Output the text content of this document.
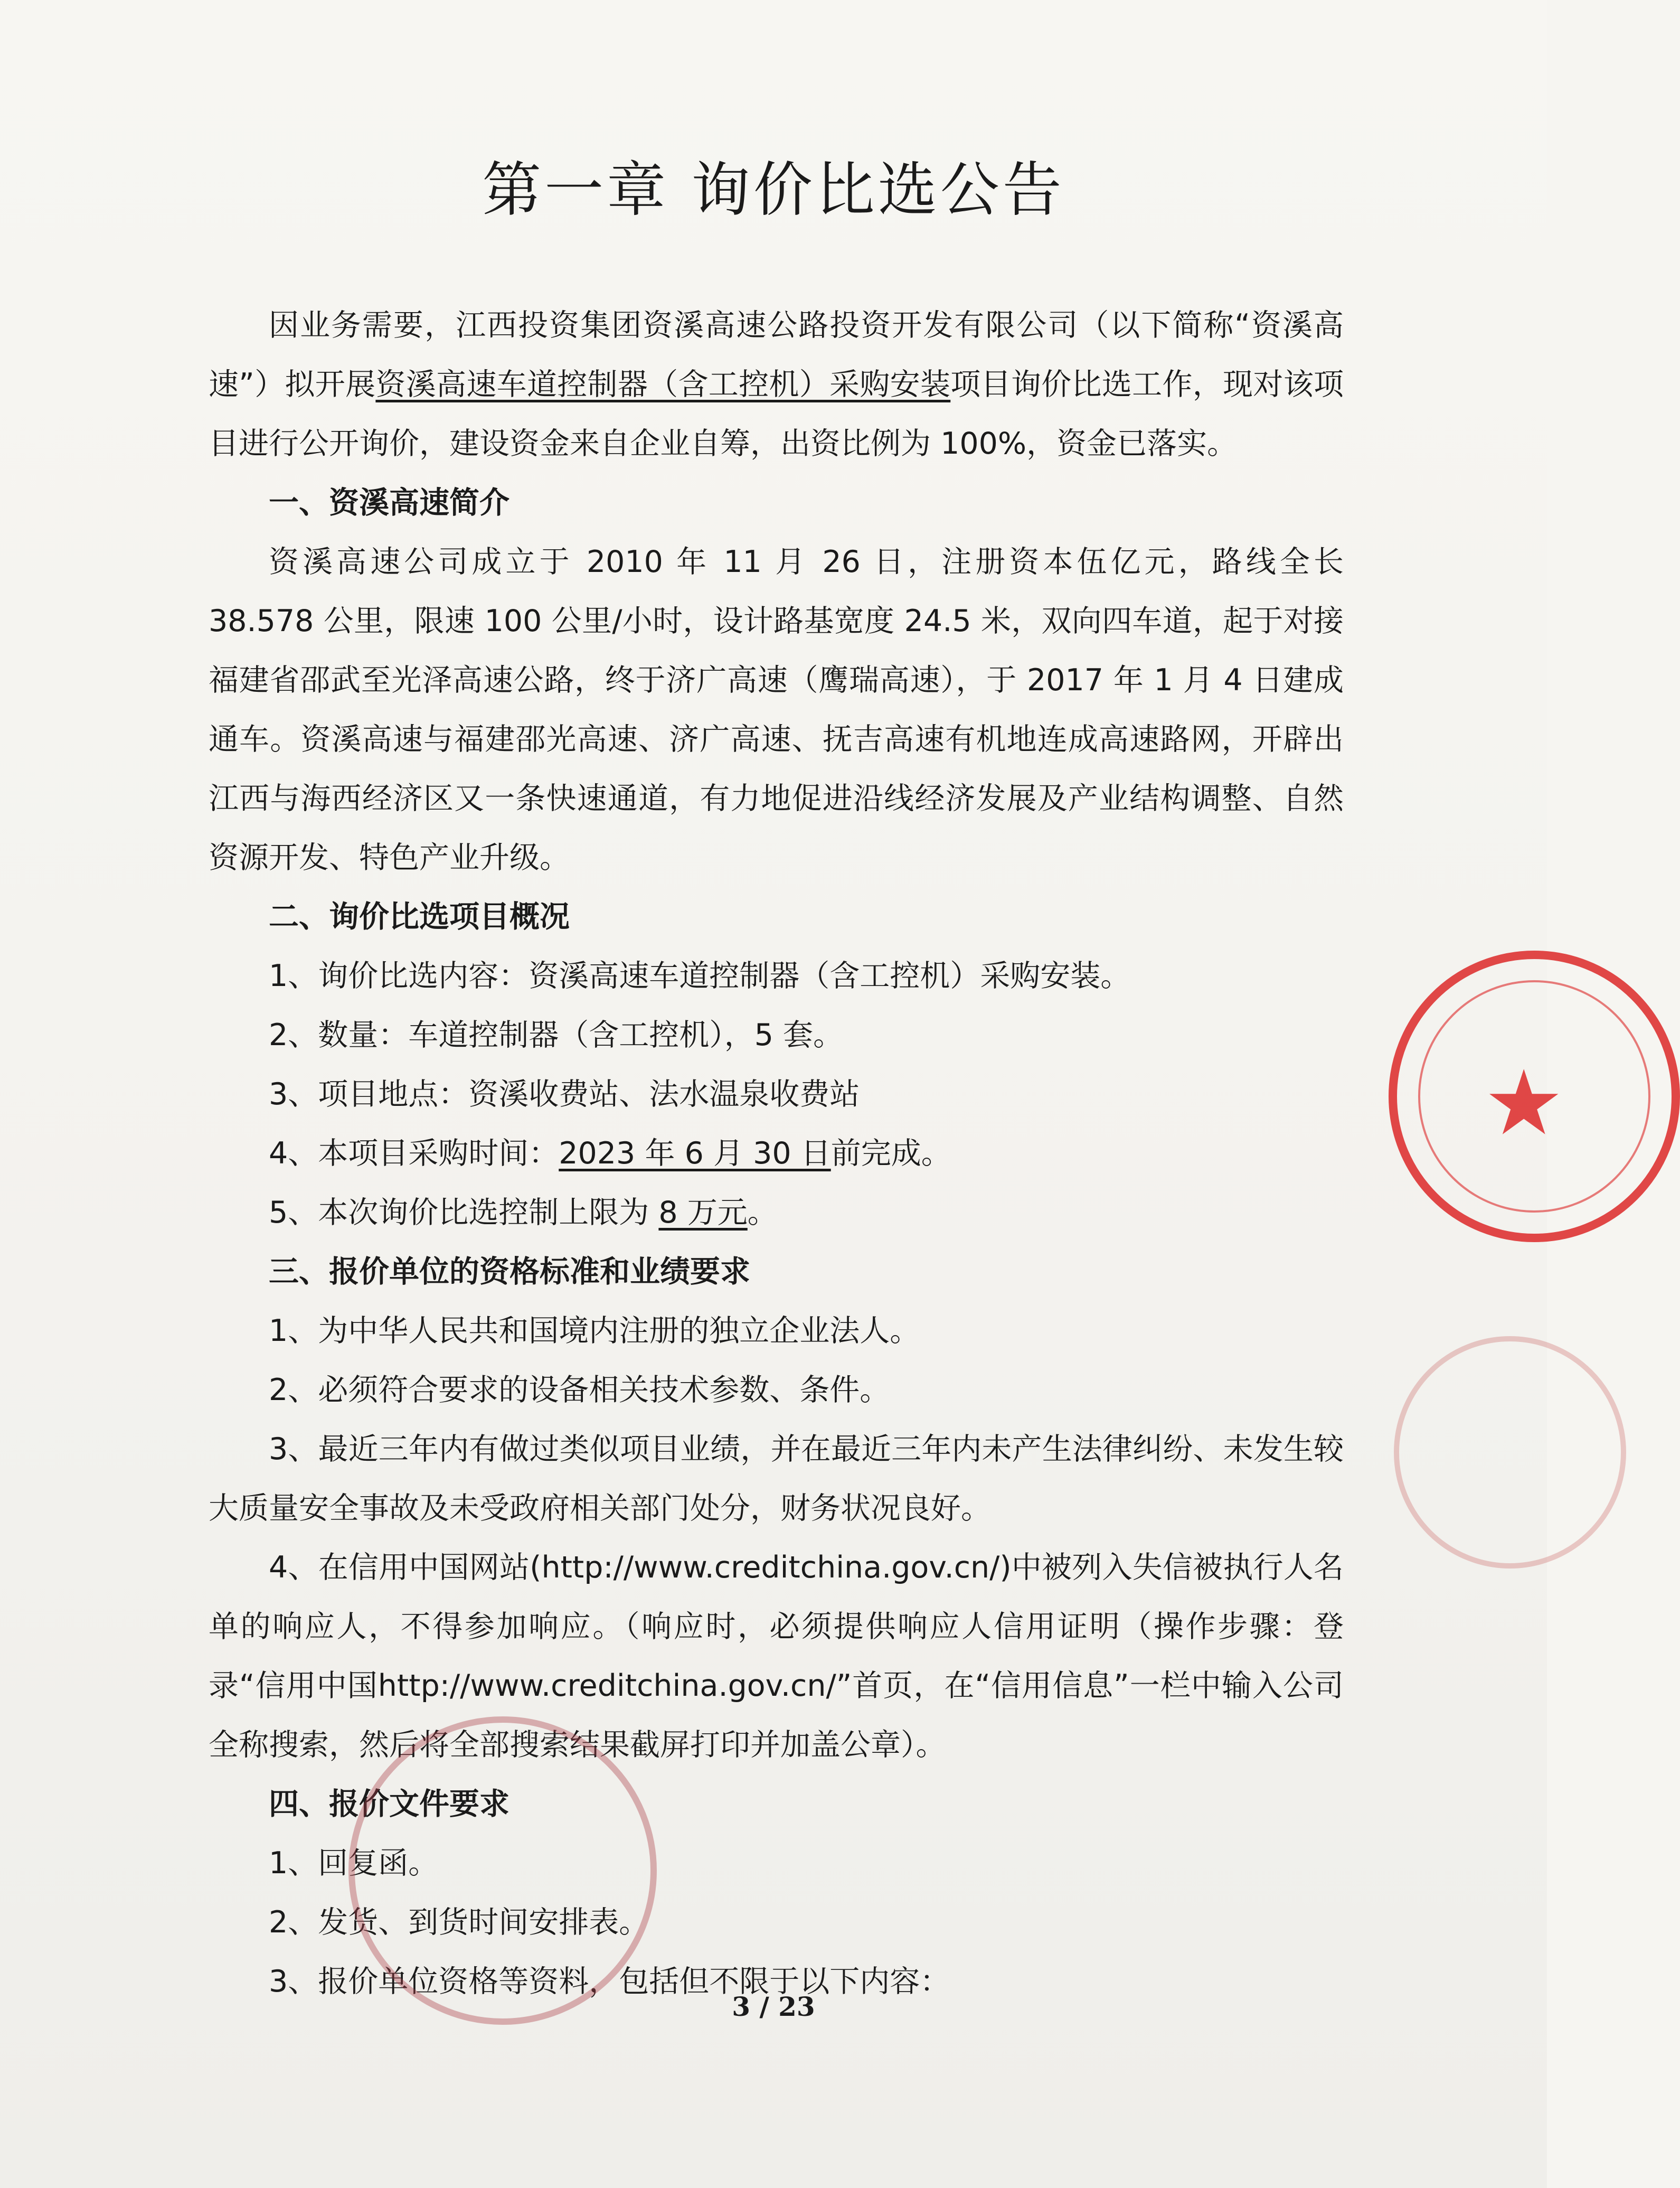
第一章 询价比选公告

因业务需要，江西投资集团资溪高速公路投资开发有限公司（以下简称“资溪高速”）拟开展资溪高速车道控制器（含工控机）采购安装项目询价比选工作，现对该项目进行公开询价，建设资金来自企业自筹，出资比例为 100%，资金已落实。

一、资溪高速简介

资溪高速公司成立于 2010 年 11 月 26 日，注册资本伍亿元，路线全长 38.578 公里，限速 100 公里/小时，设计路基宽度 24.5 米，双向四车道，起于对接福建省邵武至光泽高速公路，终于济广高速（鹰瑞高速），于 2017 年 1 月 4 日建成通车。资溪高速与福建邵光高速、济广高速、抚吉高速有机地连成高速路网，开辟出江西与海西经济区又一条快速通道，有力地促进沿线经济发展及产业结构调整、自然资源开发、特色产业升级。

二、询价比选项目概况

1、询价比选内容：资溪高速车道控制器（含工控机）采购安装。

2、数量：车道控制器（含工控机），5 套。

3、项目地点：资溪收费站、法水温泉收费站

4、本项目采购时间：2023 年 6 月 30 日前完成。

5、本次询价比选控制上限为 8 万元。

三、报价单位的资格标准和业绩要求

1、为中华人民共和国境内注册的独立企业法人。

2、必须符合要求的设备相关技术参数、条件。

3、最近三年内有做过类似项目业绩，并在最近三年内未产生法律纠纷、未发生较大质量安全事故及未受政府相关部门处分，财务状况良好。

4、在信用中国网站(http://www.creditchina.gov.cn/)中被列入失信被执行人名单的响应人，不得参加响应。（响应时，必须提供响应人信用证明（操作步骤：登录“信用中国http://www.creditchina.gov.cn/”首页，在“信用信息”一栏中输入公司全称搜索，然后将全部搜索结果截屏打印并加盖公章）。

四、报价文件要求

1、回复函。

2、发货、到货时间安排表。

3、报价单位资格等资料，包括但不限于以下内容：

3 / 23
★
